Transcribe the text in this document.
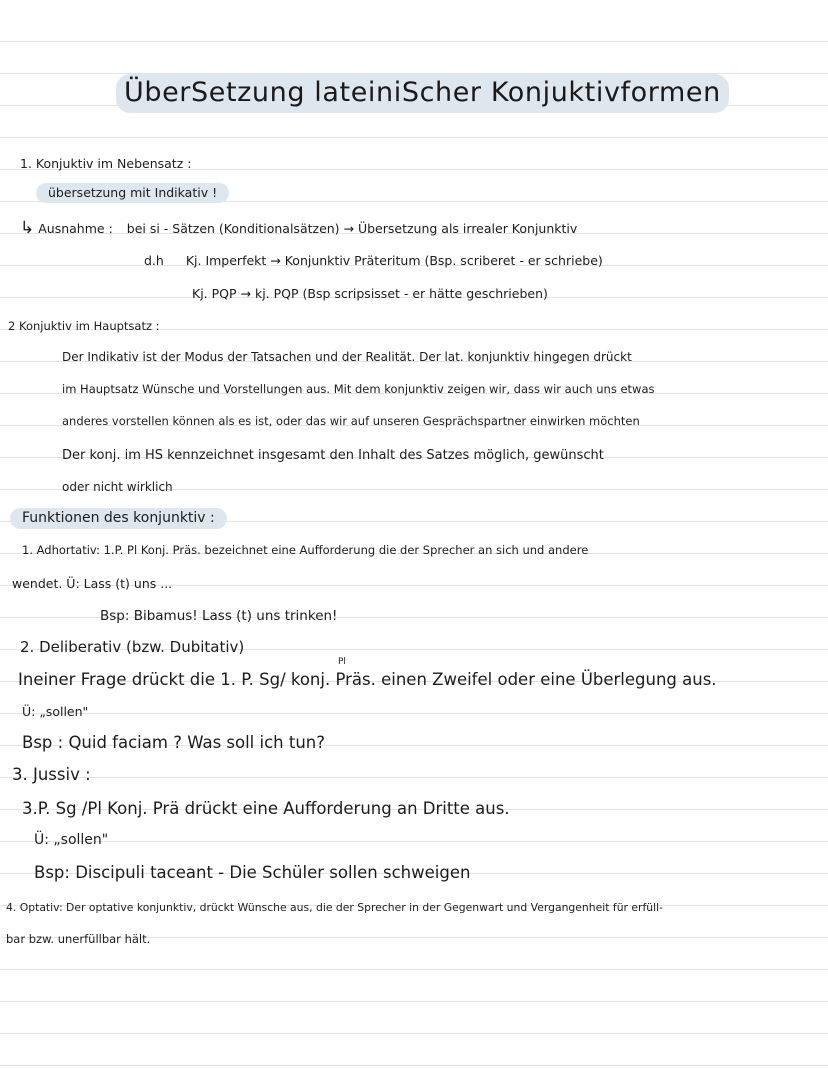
ÜberSetzung lateiniScher Konjuktivformen

1. Konjuktiv im Nebensatz :

übersetzung mit Indikativ !

↳ Ausnahme : bei si - Sätzen (Konditionalsätzen) → Übersetzung als irrealer Konjunktiv

d.h Kj. Imperfekt → Konjunktiv Präteritum (Bsp. scriberet - er schriebe)

Kj. PQP → kj. PQP (Bsp scripsisset - er hätte geschrieben)

2 Konjuktiv im Hauptsatz :

Der Indikativ ist der Modus der Tatsachen und der Realität. Der lat. konjunktiv hingegen drückt

im Hauptsatz Wünsche und Vorstellungen aus. Mit dem konjunktiv zeigen wir, dass wir auch uns etwas

anderes vorstellen können als es ist, oder das wir auf unseren Gesprächspartner einwirken möchten

Der konj. im HS kennzeichnet insgesamt den Inhalt des Satzes möglich, gewünscht

oder nicht wirklich

Funktionen des konjunktiv :

1. Adhortativ: 1.P. Pl Konj. Präs. bezeichnet eine Aufforderung die der Sprecher an sich und andere

wendet. Ü: Lass (t) uns ...

Bsp: Bibamus! Lass (t) uns trinken!

2. Deliberativ (bzw. Dubitativ)

Pl

Ineiner Frage drückt die 1. P. Sg/ konj. Präs. einen Zweifel oder eine Überlegung aus.

Ü: „sollen"

Bsp : Quid faciam ? Was soll ich tun?

3. Jussiv :

3.P. Sg /Pl Konj. Prä drückt eine Aufforderung an Dritte aus.

Ü: „sollen"

Bsp: Discipuli taceant - Die Schüler sollen schweigen

4. Optativ: Der optative konjunktiv, drückt Wünsche aus, die der Sprecher in der Gegenwart und Vergangenheit für erfüll-

bar bzw. unerfüllbar hält.
